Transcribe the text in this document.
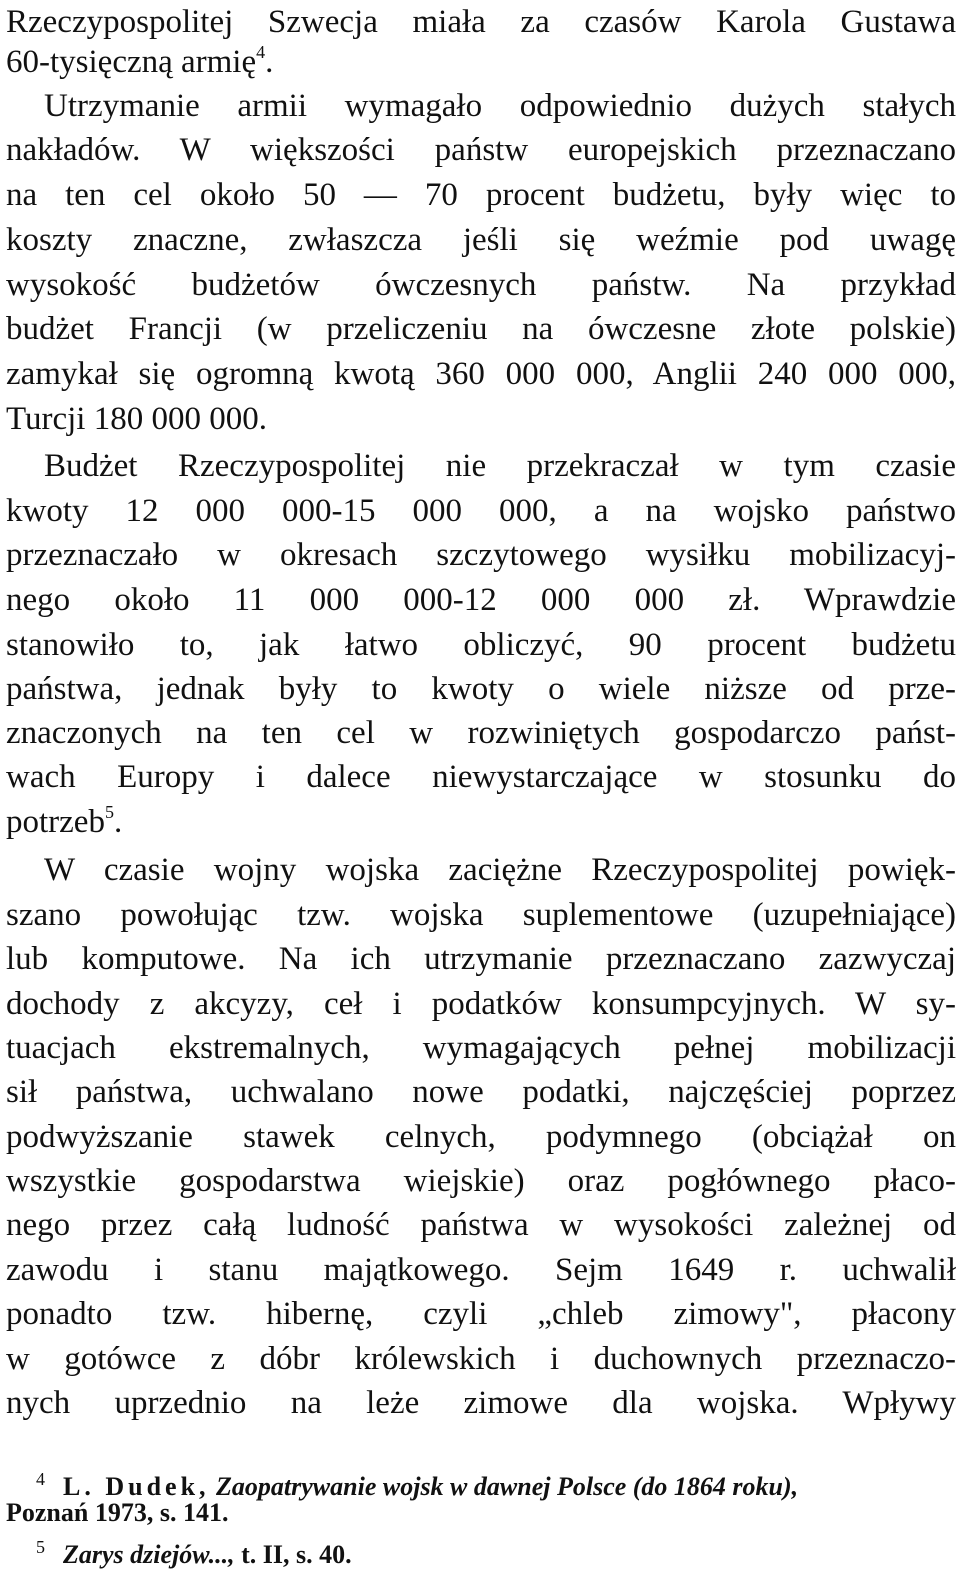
Rzeczypospolitej Szwecja miała za czasów Karola Gustawa
60-tysięczną armię$^4$.
Utrzymanie armii wymagało odpowiednio dużych stałych
nakładów. W większości państw europejskich przeznaczano
na ten cel około 50 — 70 procent budżetu, były więc to
koszty znaczne, zwłaszcza jeśli się weźmie pod uwagę
wysokość budżetów ówczesnych państw. Na przykład
budżet Francji (w przeliczeniu na ówczesne złote polskie)
zamykał się ogromną kwotą 360 000 000, Anglii 240 000 000,
Turcji 180 000 000.
Budżet Rzeczypospolitej nie przekraczał w tym czasie
kwoty 12 000 000-15 000 000, a na wojsko państwo
przeznaczało w okresach szczytowego wysiłku mobilizacyj-
nego około 11 000 000-12 000 000 zł. Wprawdzie
stanowiło to, jak łatwo obliczyć, 90 procent budżetu
państwa, jednak były to kwoty o wiele niższe od prze-
znaczonych na ten cel w rozwiniętych gospodarczo państ-
wach Europy i dalece niewystarczające w stosunku do
potrzeb$^5$.
W czasie wojny wojska zaciężne Rzeczypospolitej powięk-
szano powołując tzw. wojska suplementowe (uzupełniające)
lub komputowe. Na ich utrzymanie przeznaczano zazwyczaj
dochody z akcyzy, ceł i podatków konsumpcyjnych. W sy-
tuacjach ekstremalnych, wymagających pełnej mobilizacji
sił państwa, uchwalano nowe podatki, najczęściej poprzez
podwyższanie stawek celnych, podymnego (obciążał on
wszystkie gospodarstwa wiejskie) oraz pogłównego płaco-
nego przez całą ludność państwa w wysokości zależnej od
zawodu i stanu majątkowego. Sejm 1649 r. uchwalił
ponadto tzw. hibernę, czyli „chleb zimowy", płacony
w gotówce z dóbr królewskich i duchownych przeznaczo-
nych uprzednio na leże zimowe dla wojska. Wpływy
$^4$ L. Dudek, Zaopatrywanie wojsk w dawnej Polsce (do 1864 roku),
Poznań 1973, s. 141.
$^5$ Zarys dziejów..., t. II, s. 40.
